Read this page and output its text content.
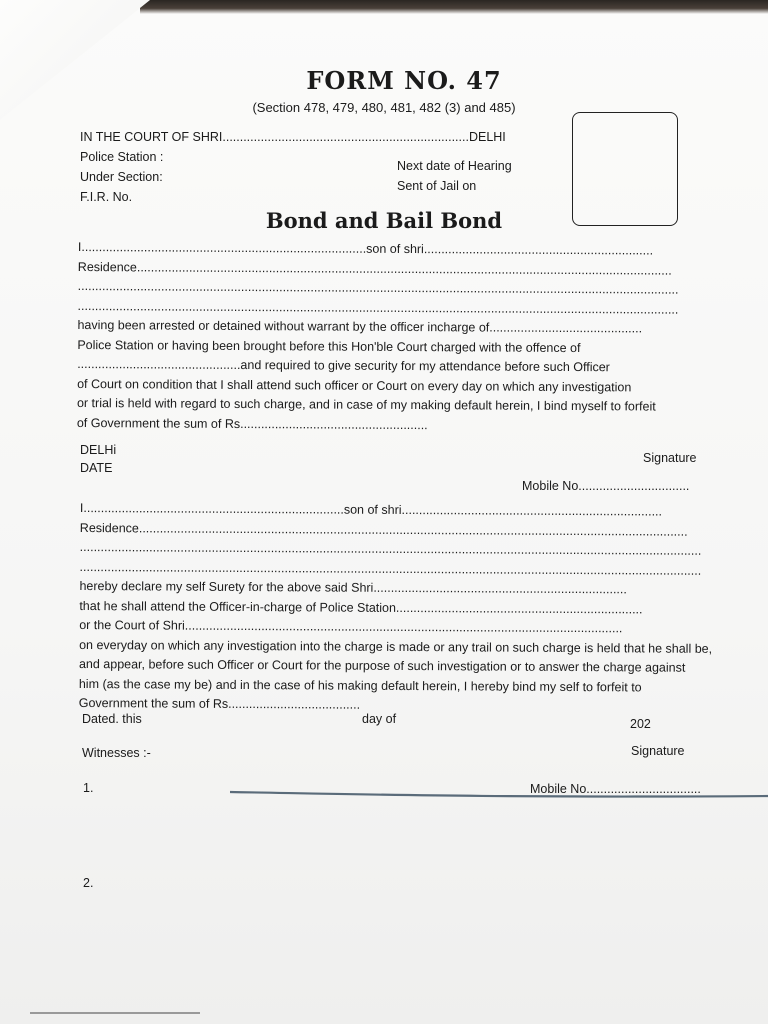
FORM NO. 47
(Section 478, 479, 480, 481, 482 (3) and 485)
IN THE COURT OF SHRI.......................................................................DELHI
Police Station :
Under Section:
F.I.R. No.
Next date of Hearing
Sent of Jail on
Bond and Bail Bond
I..................................................................................son of shri..................................................................
Residence..........................................................................................................................................................
.............................................................................................................................................................................
.............................................................................................................................................................................
having been arrested or detained without warrant by the officer incharge of............................................
Police Station or having been brought before this Hon'ble Court charged with the offence of
...............................................and required to give security for my attendance before such Officer
of Court on condition that I shall attend such officer or Court on every day on which any investigation
or trial is held with regard to such charge, and in case of my making default herein, I bind myself to forfeit
of Government the sum of Rs......................................................
DELHi
DATE
Signature
Mobile No................................
I...........................................................................son of shri...........................................................................
Residence..............................................................................................................................................................
...................................................................................................................................................................................
...................................................................................................................................................................................
hereby declare my self Surety for the above said Shri.........................................................................
that he shall attend the Officer-in-charge of Police Station.......................................................................
or the Court of Shri..............................................................................................................................
on everyday on which any investigation into the charge is made or any trail on such charge is held that he shall be,
and appear, before such Officer or Court for the purpose of such investigation or to answer the charge against
him (as the case my be) and in the case of his making default herein, I hereby bind my self to forfeit to
Government the sum of Rs......................................
Dated. this	day of	202
Witnesses :-	Signature
1.	Mobile No.................................
2.
